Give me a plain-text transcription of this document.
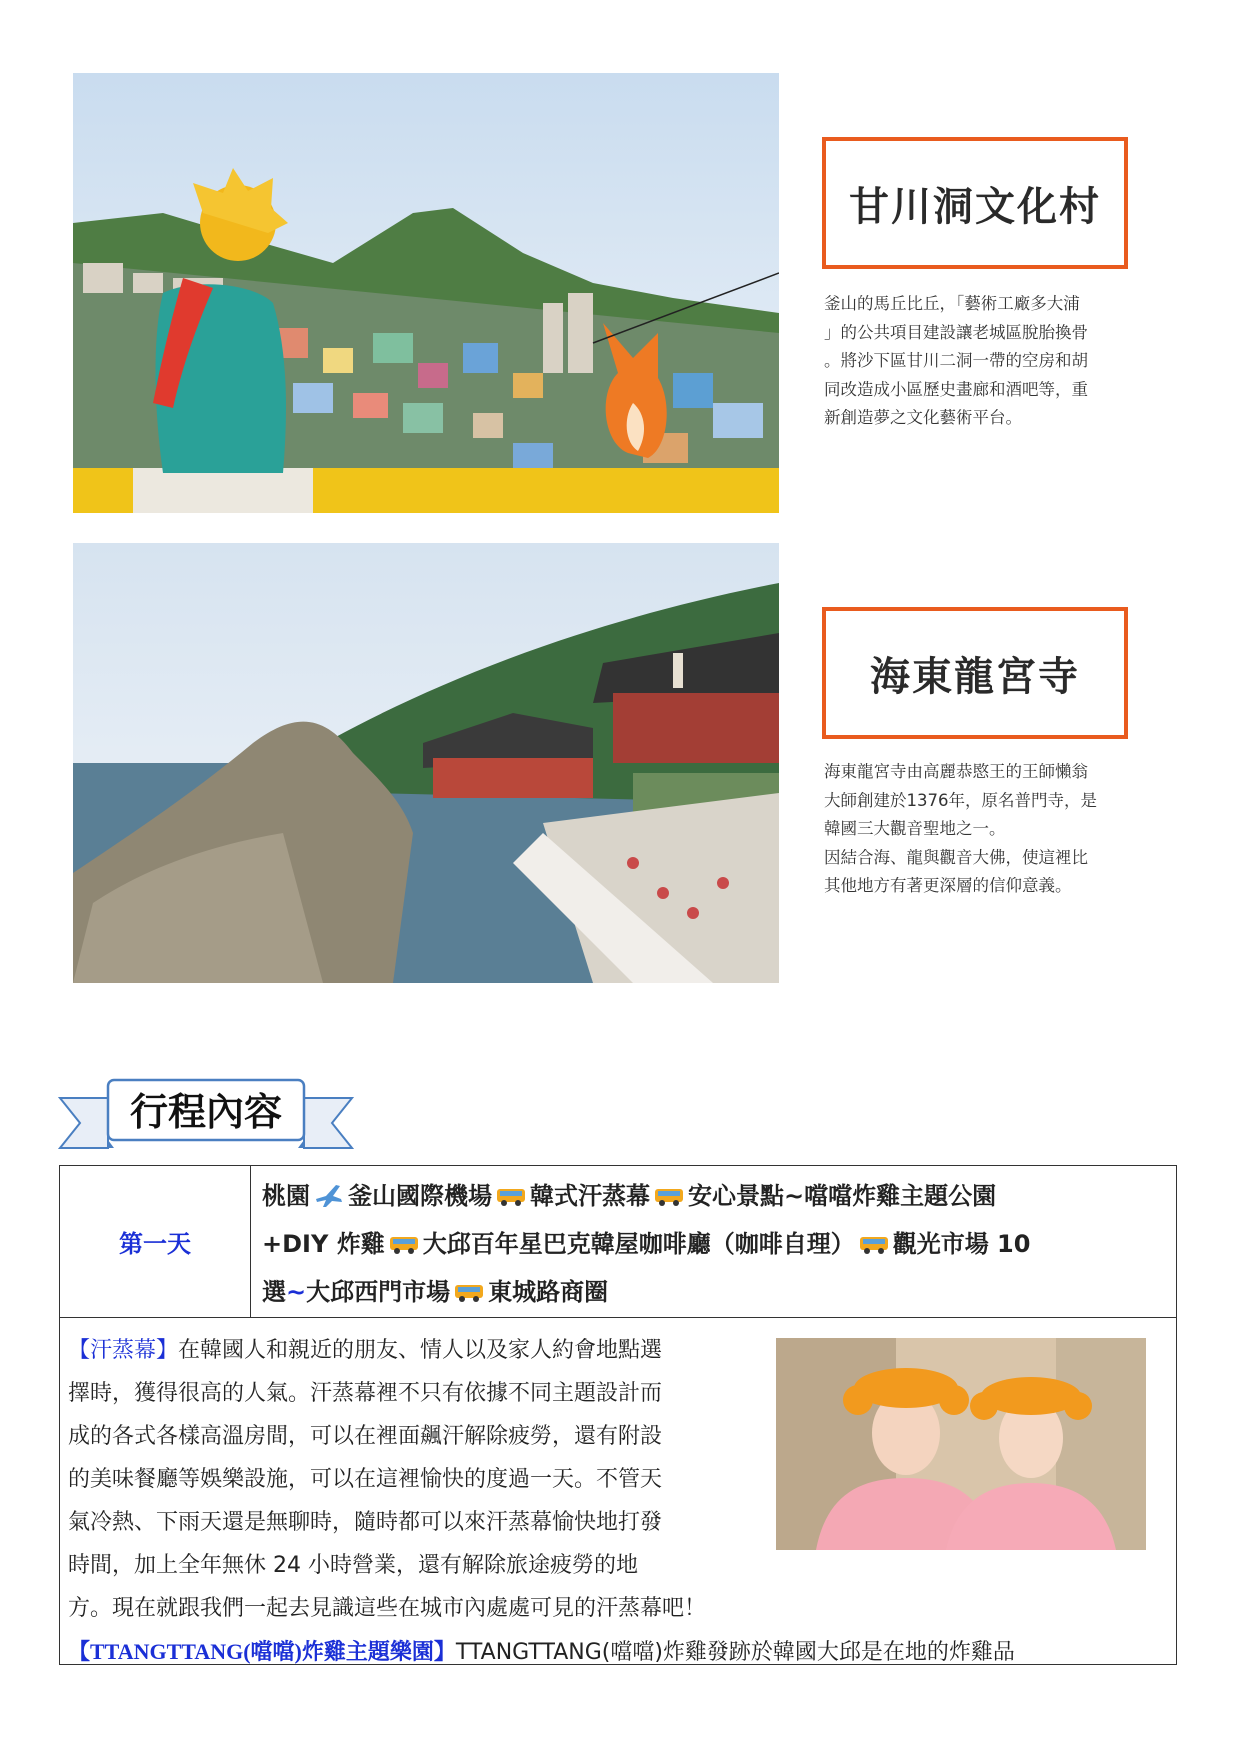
甘川洞文化村

釜山的馬丘比丘，「藝術工廠多大浦

」的公共項目建設讓老城區脫胎換骨

。將沙下區甘川二洞一帶的空房和胡

同改造成小區歷史畫廊和酒吧等，重

新創造夢之文化藝術平台。

海東龍宮寺

海東龍宮寺由高麗恭愍王的王師懶翁

大師創建於1376年，原名普門寺，是

韓國三大觀音聖地之一。

因結合海、龍與觀音大佛，使這裡比

其他地方有著更深層的信仰意義。

行程內容
第一天
桃園 釜山國際機場 韓式汗蒸幕 安心景點~噹噹炸雞主題公園
+DIY 炸雞 大邱百年星巴克韓屋咖啡廳（咖啡自理） 觀光市場 10
選~大邱西門市場 東城路商圈
【汗蒸幕】在韓國人和親近的朋友、情人以及家人約會地點選
擇時，獲得很高的人氣。汗蒸幕裡不只有依據不同主題設計而
成的各式各樣高溫房間，可以在裡面飆汗解除疲勞，還有附設
的美味餐廳等娛樂設施，可以在這裡愉快的度過一天。不管天
氣冷熱、下雨天還是無聊時，隨時都可以來汗蒸幕愉快地打發
時間，加上全年無休 24 小時營業，還有解除旅途疲勞的地
方。現在就跟我們一起去見識這些在城市內處處可見的汗蒸幕吧！
【TTANGTTANG(噹噹)炸雞主題樂園】TTANGTTANG(噹噹)炸雞發跡於韓國大邱是在地的炸雞品
